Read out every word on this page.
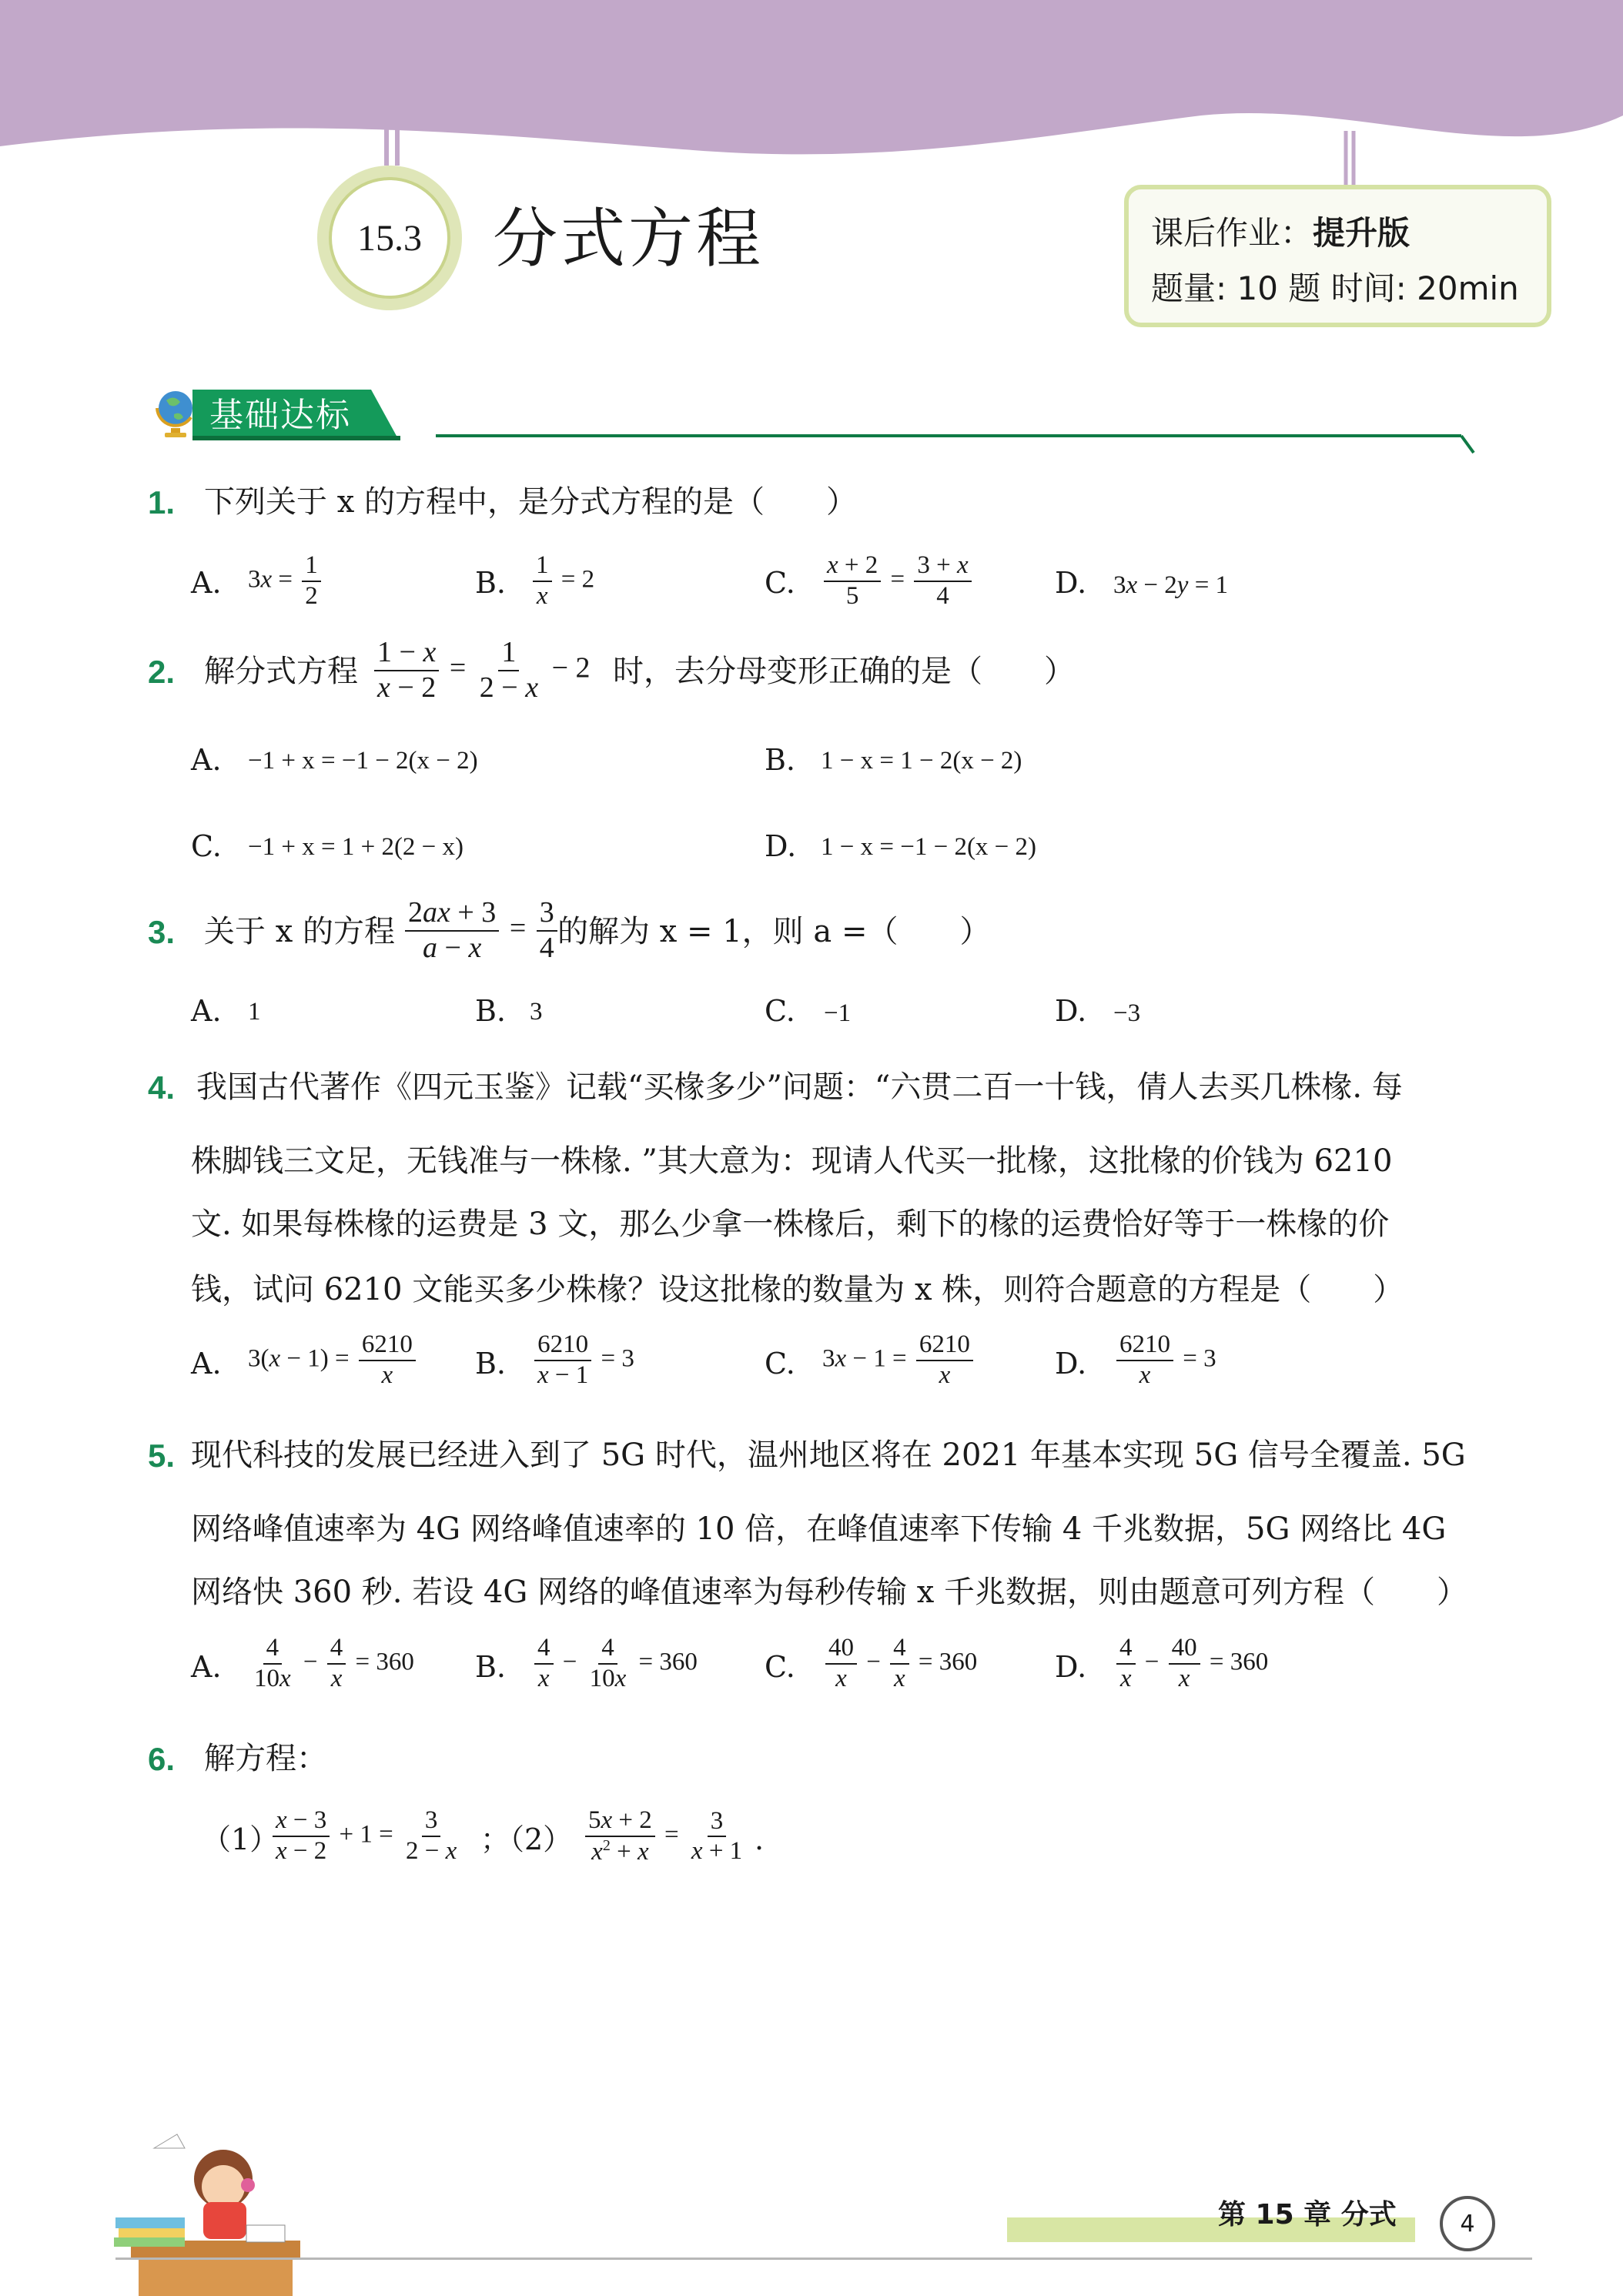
15.3	分式方程	课后作业：提升版
题量: 10 题 时间: 20min
基础达标
1. 下列关于 x 的方程中，是分式方程的是（　　）
A. $3x = \frac{1}{2}$	B. $\frac{1}{x} = 2$	C. $\frac{x + 2}{5} = \frac{3 + x}{4}$	D. 3x − 2y = 1
2. 解分式方程 $\frac{1 - x}{x - 2} = \frac{1}{2 - x} - 2$ 时，去分母变形正确的是（　　）
A. −1 + x = −1 − 2(x − 2)	B. 1 − x = 1 − 2(x − 2)
C. −1 + x = 1 + 2(2 − x)	D. 1 − x = −1 − 2(x − 2)
3. 关于 x 的方程 $\frac{2ax + 3}{a - x} = \frac{3}{4}$ 的解为 x = 1，则 a =（　　）
A. 1	B. 3	C. −1	D. −3
4. 我国古代著作《四元玉鉴》记载“买椽多少”问题：“六贯二百一十钱，倩人去买几株椽. 每
株脚钱三文足，无钱准与一株椽. ”其大意为：现请人代买一批椽，这批椽的价钱为 6210
文. 如果每株椽的运费是 3 文，那么少拿一株椽后，剩下的椽的运费恰好等于一株椽的价
钱，试问 6210 文能买多少株椽？设这批椽的数量为 x 株，则符合题意的方程是（　　）
A. $3(x - 1) = \frac{6210}{x} B$. $\frac{6210}{x - 1} = 3$	C. $3x - 1 = \frac{6210}{x}$	D. $\frac{6210}{x} = 3$
5. 现代科技的发展已经进入到了 5G 时代，温州地区将在 2021 年基本实现 5G 信号全覆盖. 5G
网络峰值速率为 4G 网络峰值速率的 10 倍，在峰值速率下传输 4 千兆数据，5G 网络比 4G
网络快 360 秒. 若设 4G 网络的峰值速率为每秒传输 x 千兆数据，则由题意可列方程（　　）
A. $\frac{4}{10x} - \frac{4}{x} = 360$ B. $\frac{4}{x} - \frac{4}{10x} = 360$ C. $\frac{40}{x} - \frac{4}{x} = 360$	D. $\frac{4}{x} - \frac{40}{x} = 360$
6. 解方程：
（1）
$\frac{x - 3}{x - 2} + 1 = \frac{3}{2 - x}$ ；$(2) \frac{5x + 2}{x^2 + x} = \frac{3}{x + 1}$ .
第 15 章 分式	4
